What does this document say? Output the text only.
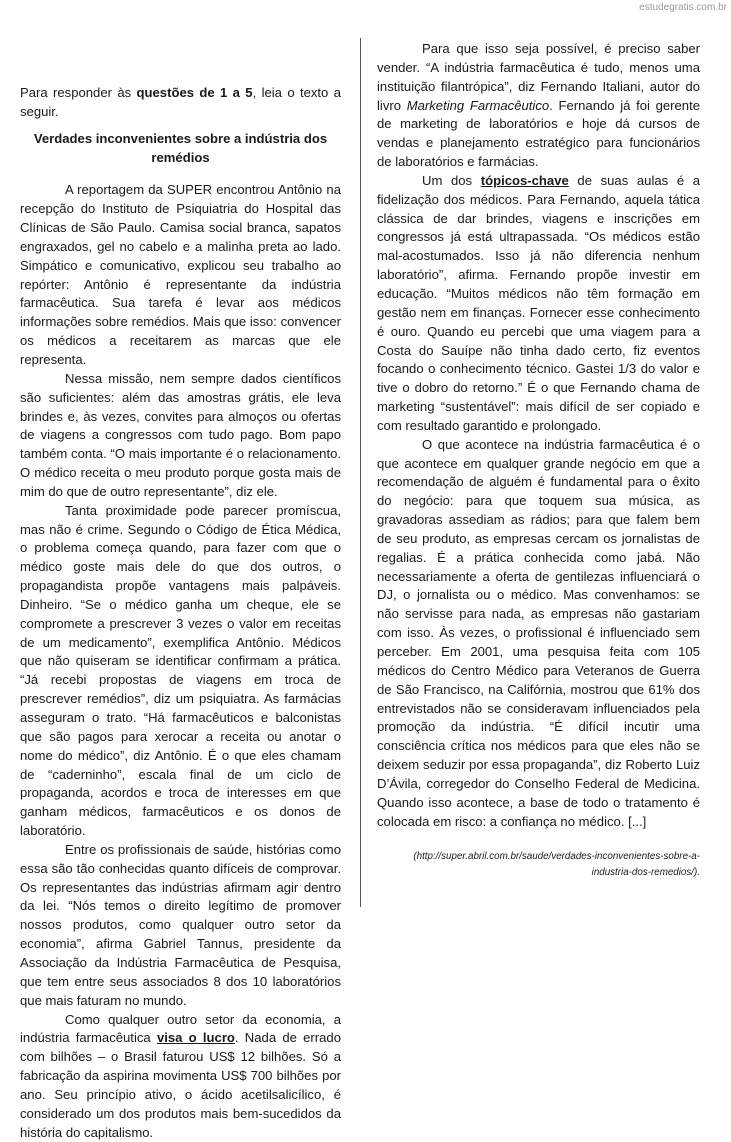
estudegratis.com.br

Para responder às questões de 1 a 5, leia o texto a seguir.

Verdades inconvenientes sobre a indústria dos remédios

A reportagem da SUPER encontrou Antônio na recepção do Instituto de Psiquiatria do Hospital das Clínicas de São Paulo. Camisa social branca, sapatos engraxados, gel no cabelo e a malinha preta ao lado. Simpático e comunicativo, explicou seu trabalho ao repórter: Antônio é representante da indústria farmacêutica. Sua tarefa é levar aos médicos informações sobre remédios. Mais que isso: convencer os médicos a receitarem as marcas que ele representa.

Nessa missão, nem sempre dados científicos são suficientes: além das amostras grátis, ele leva brindes e, às vezes, convites para almoços ou ofertas de viagens a congressos com tudo pago. Bom papo também conta. “O mais importante é o relacionamento. O médico receita o meu produto porque gosta mais de mim do que de outro representante”, diz ele.

Tanta proximidade pode parecer promíscua, mas não é crime. Segundo o Código de Ética Médica, o problema começa quando, para fazer com que o médico goste mais dele do que dos outros, o propagandista propõe vantagens mais palpáveis. Dinheiro. “Se o médico ganha um cheque, ele se compromete a prescrever 3 vezes o valor em receitas de um medicamento”, exemplifica Antônio. Médicos que não quiseram se identificar confirmam a prática. “Já recebi propostas de viagens em troca de prescrever remédios”, diz um psiquiatra. As farmácias asseguram o trato. “Há farmacêuticos e balconistas que são pagos para xerocar a receita ou anotar o nome do médico”, diz Antônio. É o que eles chamam de “caderninho”, escala final de um ciclo de propaganda, acordos e troca de interesses em que ganham médicos, farmacêuticos e os donos de laboratório.

Entre os profissionais de saúde, histórias como essa são tão conhecidas quanto difíceis de comprovar. Os representantes das indústrias afirmam agir dentro da lei. “Nós temos o direito legítimo de promover nossos produtos, como qualquer outro setor da economia”, afirma Gabriel Tannus, presidente da Associação da Indústria Farmacêutica de Pesquisa, que tem entre seus associados 8 dos 10 laboratórios que mais faturam no mundo.

Como qualquer outro setor da economia, a indústria farmacêutica visa o lucro. Nada de errado com bilhões – o Brasil faturou US$ 12 bilhões. Só a fabricação da aspirina movimenta US$ 700 bilhões por ano. Seu princípio ativo, o ácido acetilsalicílico, é considerado um dos produtos mais bem-sucedidos da história do capitalismo.

Para que isso seja possível, é preciso saber vender. “A indústria farmacêutica é tudo, menos uma instituição filantrópica”, diz Fernando Italiani, autor do livro Marketing Farmacêutico. Fernando já foi gerente de marketing de laboratórios e hoje dá cursos de vendas e planejamento estratégico para funcionários de laboratórios e farmácias.

Um dos tópicos-chave de suas aulas é a fidelização dos médicos. Para Fernando, aquela tática clássica de dar brindes, viagens e inscrições em congressos já está ultrapassada. “Os médicos estão mal-acostumados. Isso já não diferencia nenhum laboratório”, afirma. Fernando propõe investir em educação. “Muitos médicos não têm formação em gestão nem em finanças. Fornecer esse conhecimento é ouro. Quando eu percebi que uma viagem para a Costa do Sauípe não tinha dado certo, fiz eventos focando o conhecimento técnico. Gastei 1/3 do valor e tive o dobro do retorno.” É o que Fernando chama de marketing “sustentável”: mais difícil de ser copiado e com resultado garantido e prolongado.

O que acontece na indústria farmacêutica é o que acontece em qualquer grande negócio em que a recomendação de alguém é fundamental para o êxito do negócio: para que toquem sua música, as gravadoras assediam as rádios; para que falem bem de seu produto, as empresas cercam os jornalistas de regalias. É a prática conhecida como jabá. Não necessariamente a oferta de gentilezas influenciará o DJ, o jornalista ou o médico. Mas convenhamos: se não servisse para nada, as empresas não gastariam com isso. Às vezes, o profissional é influenciado sem perceber. Em 2001, uma pesquisa feita com 105 médicos do Centro Médico para Veteranos de Guerra de São Francisco, na Califórnia, mostrou que 61% dos entrevistados não se consideravam influenciados pela promoção da indústria. “É difícil incutir uma consciência crítica nos médicos para que eles não se deixem seduzir por essa propaganda”, diz Roberto Luiz D’Ávila, corregedor do Conselho Federal de Medicina. Quando isso acontece, a base de todo o tratamento é colocada em risco: a confiança no médico. [...]

(http://super.abril.com.br/saude/verdades-inconvenientes-sobre-a-industria-dos-remedios/).
